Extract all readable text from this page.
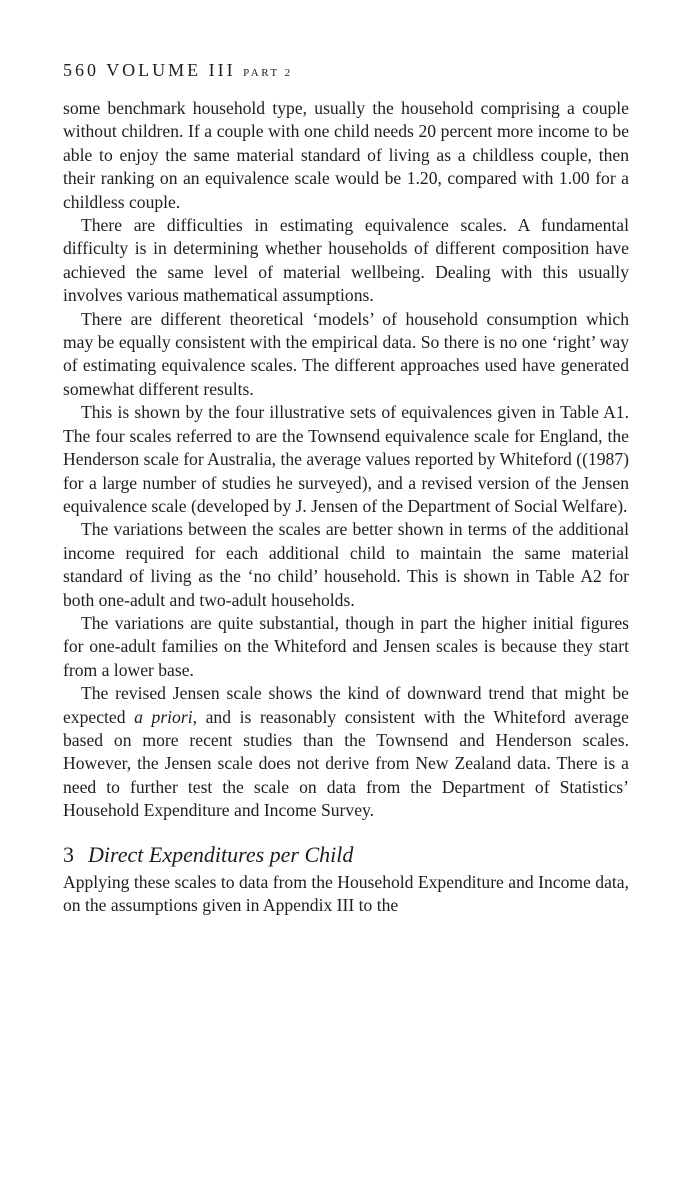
560 VOLUME III PART 2

some benchmark household type, usually the household comprising a couple without children. If a couple with one child needs 20 percent more income to be able to enjoy the same material standard of living as a childless couple, then their ranking on an equivalence scale would be 1.20, compared with 1.00 for a childless couple.

There are difficulties in estimating equivalence scales. A fundamental difficulty is in determining whether households of different composition have achieved the same level of material wellbeing. Dealing with this usually involves various mathematical assumptions.

There are different theoretical ‘models’ of household consumption which may be equally consistent with the empirical data. So there is no one ‘right’ way of estimating equivalence scales. The different approaches used have generated somewhat different results.

This is shown by the four illustrative sets of equivalences given in Table A1. The four scales referred to are the Townsend equivalence scale for England, the Henderson scale for Australia, the average values reported by Whiteford ((1987) for a large number of studies he surveyed), and a revised version of the Jensen equivalence scale (developed by J. Jensen of the Department of Social Welfare).

The variations between the scales are better shown in terms of the additional income required for each additional child to maintain the same material standard of living as the ‘no child’ household. This is shown in Table A2 for both one-adult and two-adult households.

The variations are quite substantial, though in part the higher initial figures for one-adult families on the Whiteford and Jensen scales is because they start from a lower base.

The revised Jensen scale shows the kind of downward trend that might be expected a priori, and is reasonably consistent with the Whiteford average based on more recent studies than the Townsend and Henderson scales. However, the Jensen scale does not derive from New Zealand data. There is a need to further test the scale on data from the Department of Statistics’ Household Expenditure and Income Survey.

3 Direct Expenditures per Child

Applying these scales to data from the Household Expenditure and Income data, on the assumptions given in Appendix III to the
